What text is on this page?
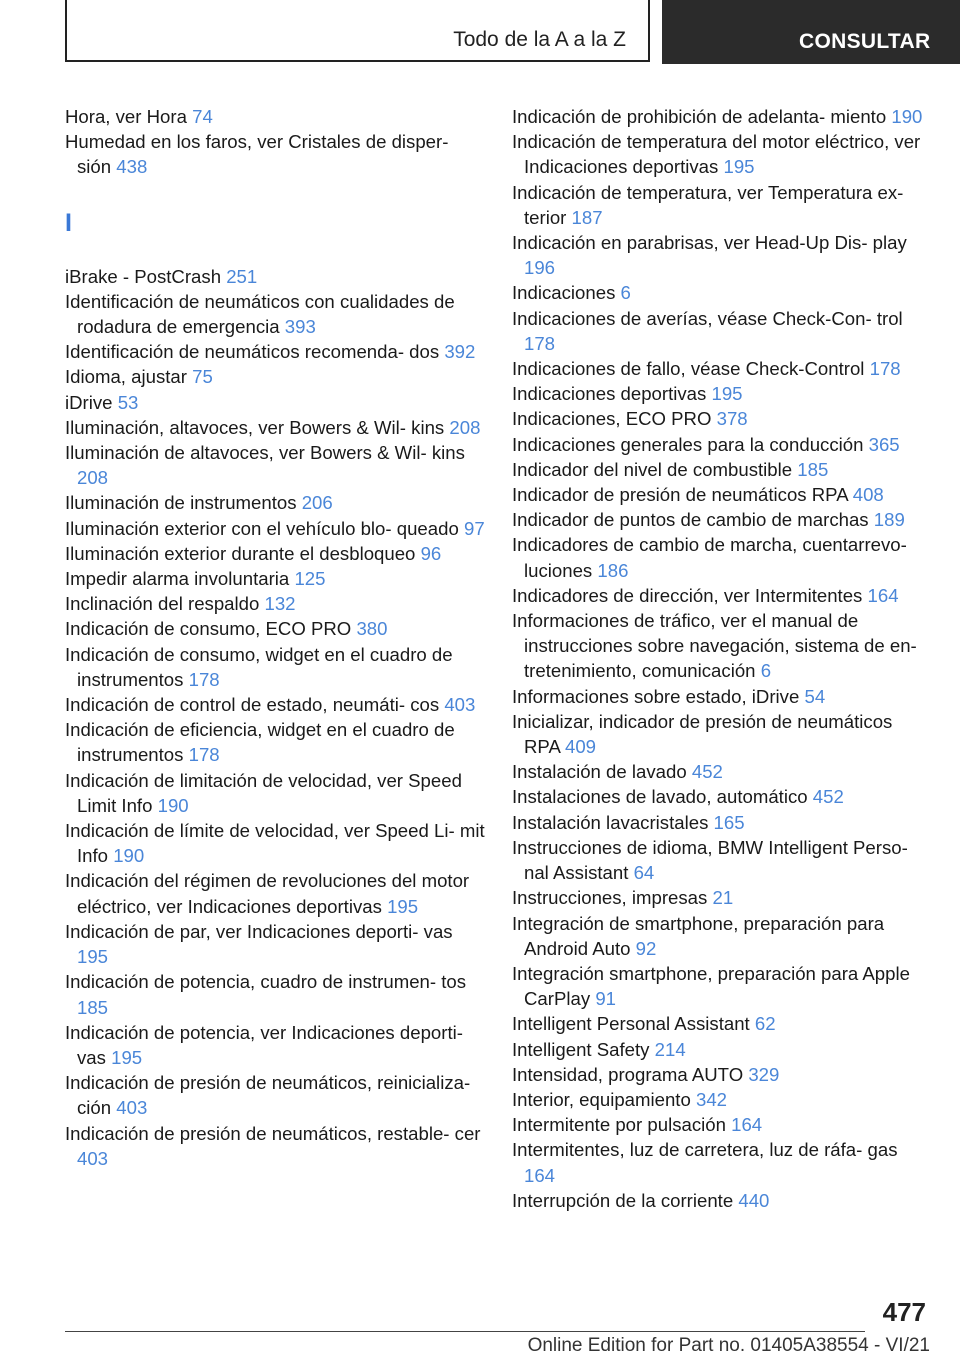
Todo de la A a la Z	CONSULTAR
Hora, ver Hora 74
Humedad en los faros, ver Cristales de disper‐ sión 438
I
iBrake - PostCrash 251
Identificación de neumáticos con cualidades de rodadura de emergencia 393
Identificación de neumáticos recomenda‐ dos 392
Idioma, ajustar 75
iDrive 53
Iluminación, altavoces, ver Bowers & Wil‐ kins 208
Iluminación de altavoces, ver Bowers & Wil‐ kins 208
Iluminación de instrumentos 206
Iluminación exterior con el vehículo blo‐ queado 97
Iluminación exterior durante el desbloqueo 96
Impedir alarma involuntaria 125
Inclinación del respaldo 132
Indicación de consumo, ECO PRO 380
Indicación de consumo, widget en el cuadro de instrumentos 178
Indicación de control de estado, neumáti‐ cos 403
Indicación de eficiencia, widget en el cuadro de instrumentos 178
Indicación de limitación de velocidad, ver Speed Limit Info 190
Indicación de límite de velocidad, ver Speed Li‐ mit Info 190
Indicación del régimen de revoluciones del motor eléctrico, ver Indicaciones deportivas 195
Indicación de par, ver Indicaciones deporti‐ vas 195
Indicación de potencia, cuadro de instrumen‐ tos 185
Indicación de potencia, ver Indicaciones deporti‐ vas 195
Indicación de presión de neumáticos, reinicializa‐ ción 403
Indicación de presión de neumáticos, restable‐ cer 403
Indicación de prohibición de adelanta‐ miento 190
Indicación de temperatura del motor eléctrico, ver Indicaciones deportivas 195
Indicación de temperatura, ver Temperatura ex‐ terior 187
Indicación en parabrisas, ver Head-Up Dis‐ play 196
Indicaciones 6
Indicaciones de averías, véase Check-Con‐ trol 178
Indicaciones de fallo, véase Check-Control 178
Indicaciones deportivas 195
Indicaciones, ECO PRO 378
Indicaciones generales para la conducción 365
Indicador del nivel de combustible 185
Indicador de presión de neumáticos RPA 408
Indicador de puntos de cambio de marchas 189
Indicadores de cambio de marcha, cuentarrevo‐ luciones 186
Indicadores de dirección, ver Intermitentes 164
Informaciones de tráfico, ver el manual de instrucciones sobre navegación, sistema de en‐ tretenimiento, comunicación 6
Informaciones sobre estado, iDrive 54
Inicializar, indicador de presión de neumáticos RPA 409
Instalación de lavado 452
Instalaciones de lavado, automático 452
Instalación lavacristales 165
Instrucciones de idioma, BMW Intelligent Perso‐ nal Assistant 64
Instrucciones, impresas 21
Integración de smartphone, preparación para Android Auto 92
Integración smartphone, preparación para Apple CarPlay 91
Intelligent Personal Assistant 62
Intelligent Safety 214
Intensidad, programa AUTO 329
Interior, equipamiento 342
Intermitente por pulsación 164
Intermitentes, luz de carretera, luz de ráfa‐ gas 164
Interrupción de la corriente 440
477
Online Edition for Part no. 01405A38554 - VI/21
